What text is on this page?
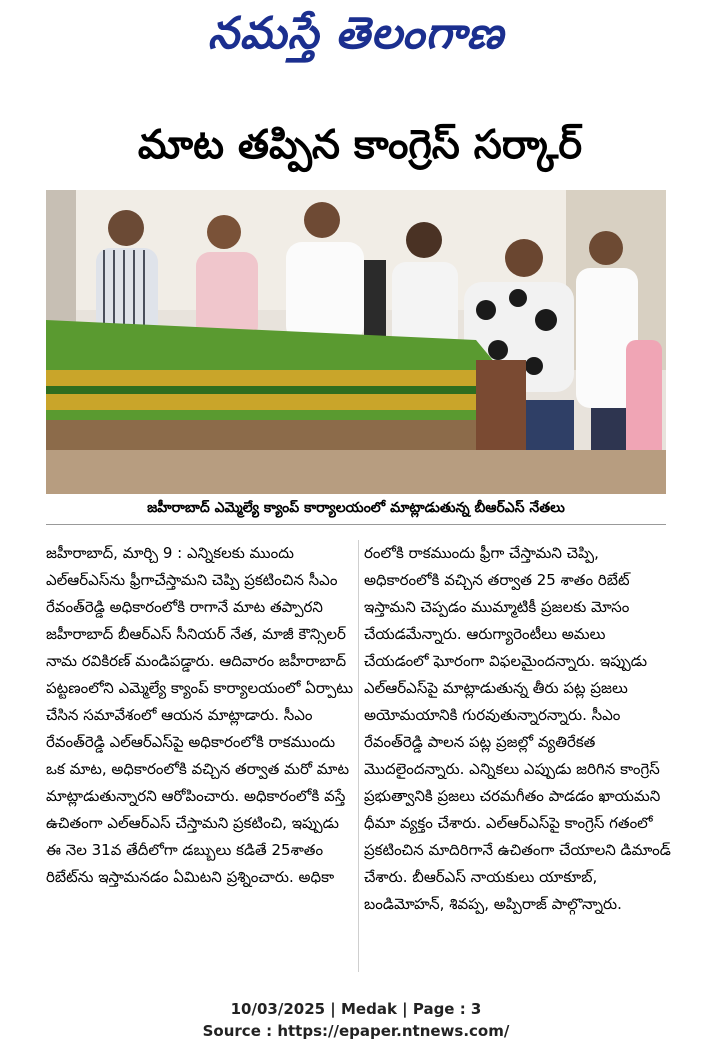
నమస్తే తెలంగాణ
మాట తప్పిన కాంగ్రెస్ సర్కార్
జహీరాబాద్ ఎమ్మెల్యే క్యాంప్ కార్యాలయంలో మాట్లాడుతున్న బీఆర్ఎస్ నేతలు

జహీరాబాద్, మార్చి 9 : ఎన్నికలకు ముందు ఎల్ఆర్ఎస్‌ను ఫ్రీగాచేస్తామని చెప్పి ప్రకటించిన సీఎం రేవంత్‌రెడ్డి అధికారంలోకి రాగానే మాట తప్పారని జహీరాబాద్ బీఆర్ఎస్ సీనియర్ నేత, మాజీ కౌన్సిలర్ నామ రవికిరణ్ మండిపడ్డారు. ఆదివారం జహీరాబాద్ పట్టణంలోని ఎమ్మెల్యే క్యాంప్ కార్యాలయంలో ఏర్పాటు చేసిన సమావేశంలో ఆయన మాట్లాడారు. సీఎం రేవంత్‌రెడ్డి ఎల్ఆర్ఎస్‌పై అధికారంలోకి రాకముందు ఒక మాట, అధికారంలోకి వచ్చిన తర్వాత మరో మాట మాట్లాడుతున్నారని ఆరోపించారు. అధికారంలోకి వస్తే ఉచితంగా ఎల్ఆర్ఎస్ చేస్తామని ప్రకటించి, ఇప్పుడు ఈ నెల 31వ తేదీలోగా డబ్బులు కడితే 25శాతం రిబేట్‌ను ఇస్తామనడం ఏమిటని ప్రశ్నించారు. అధికా

రంలోకి రాకముందు ఫ్రీగా చేస్తామని చెప్పి, అధికారంలోకి వచ్చిన తర్వాత 25 శాతం రిబేట్ ఇస్తామని చెప్పడం ముమ్మాటికీ ప్రజలకు మోసం చేయడమేన్నారు. ఆరుగ్యారెంటీలు అమలు చేయడంలో ఘోరంగా విఫలమైందన్నారు. ఇప్పుడు ఎల్ఆర్ఎస్‌పై మాట్లాడుతున్న తీరు పట్ల ప్రజలు అయోమయానికి గురవుతున్నారన్నారు. సీఎం రేవంత్‌రెడ్డి పాలన పట్ల ప్రజల్లో వ్యతిరేకత మొదలైందన్నారు. ఎన్నికలు ఎప్పుడు జరిగిన కాంగ్రెస్ ప్రభుత్వానికి ప్రజలు చరమగీతం పాడడం ఖాయమని ధీమా వ్యక్తం చేశారు. ఎల్ఆర్ఎస్‌పై కాంగ్రెస్ గతంలో ప్రకటించిన మాదిరిగానే ఉచితంగా చేయాలని డిమాండ్ చేశారు. బీఆర్ఎస్ నాయకులు యాకూబ్, బండిమోహన్, శివప్ప, అప్పిరాజ్ పాల్గొన్నారు.

10/03/2025 | Medak | Page : 3
Source : https://epaper.ntnews.com/
